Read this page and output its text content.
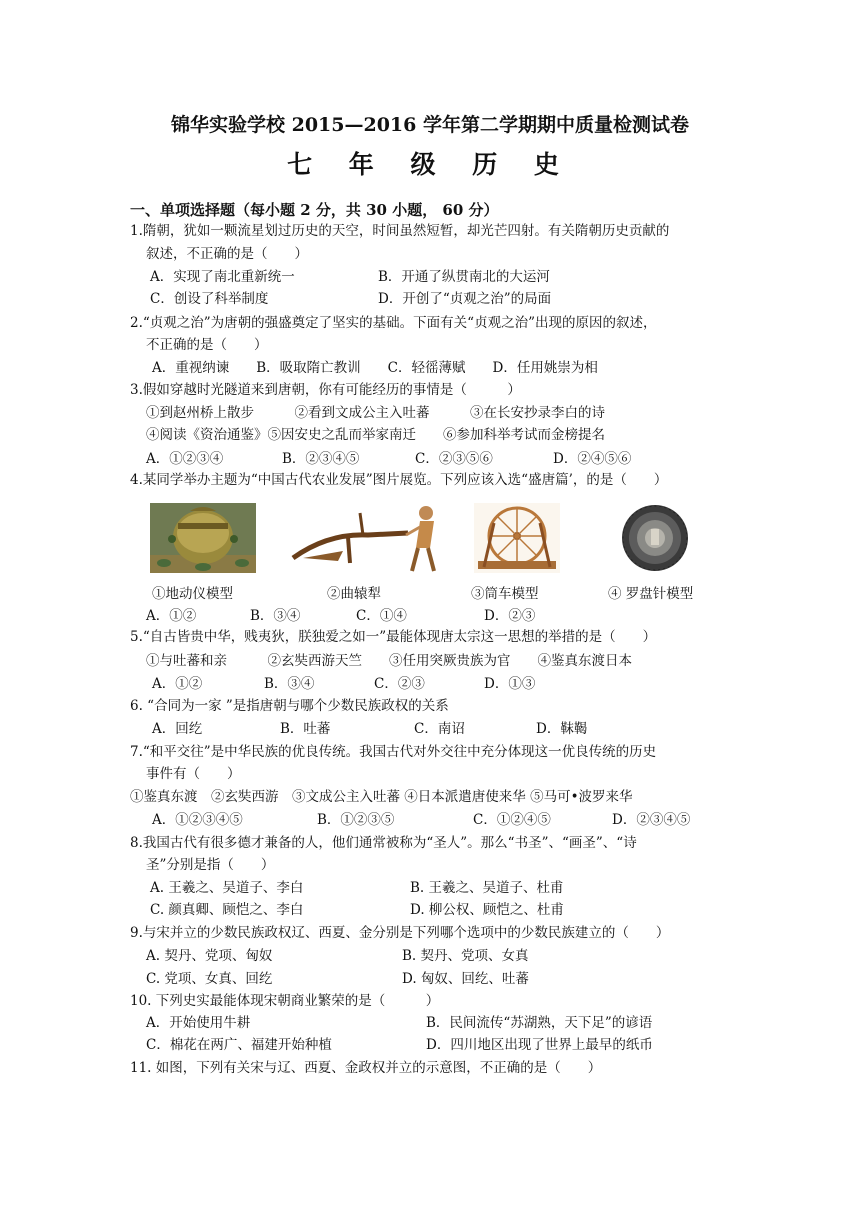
锦华实验学校 2015—2016 学年第二学期期中质量检测试卷
七 年 级 历 史
一、单项选择题（每小题 2 分，共 30 小题， 60 分）
1.隋朝，犹如一颗流星划过历史的天空，时间虽然短暂，却光芒四射。有关隋朝历史贡献的
叙述，不正确的是（　　）
A．实现了南北重新统一	B．开通了纵贯南北的大运河
C．创设了科举制度	D．开创了“贞观之治”的局面
2.“贞观之治”为唐朝的强盛奠定了坚实的基础。下面有关“贞观之治”出现的原因的叙述，
不正确的是（　　）
A．重视纳谏　　B．吸取隋亡教训　　C．轻徭薄赋　　D．任用姚崇为相
3.假如穿越时光隧道来到唐朝，你有可能经历的事情是（　　　）
①到赵州桥上散步　　　②看到文成公主入吐蕃　　　③在长安抄录李白的诗
④阅读《资治通鉴》⑤因安史之乱而举家南迁　　⑥参加科举考试而金榜提名
A．①②③④	B．②③④⑤	C．②③⑤⑥	D．②④⑤⑥
4.某同学举办主题为“中国古代农业发展”图片展览。下列应该入选“盛唐篇’，的是（　　）
①地动仪模型	②曲辕犁	③筒车模型	④ 罗盘针模型
A．①②	B．③④	C．①④	D．②③
5.“自古皆贵中华，贱夷狄，朕独爱之如一”最能体现唐太宗这一思想的举措的是（　　）
①与吐蕃和亲　　　②玄奘西游天竺　　③任用突厥贵族为官　　④鉴真东渡日本
A．①②	B．③④	C．②③	D．①③
6. “合同为一家 ”是指唐朝与哪个少数民族政权的关系
A．回纥	B．吐蕃	C．南诏	D．靺鞨
7.“和平交往”是中华民族的优良传统。我国古代对外交往中充分体现这一优良传统的历史
事件有（　　）
①鉴真东渡　②玄奘西游　③文成公主入吐蕃 ④日本派遣唐使来华 ⑤马可•波罗来华
A．①②③④⑤	B．①②③⑤	C．①②④⑤	D．②③④⑤
8.我国古代有很多德才兼备的人，他们通常被称为“圣人”。那么“书圣”、“画圣”、“诗
圣”分别是指（　　）
A. 王羲之、吴道子、李白	B. 王羲之、吴道子、杜甫
C. 颜真卿、顾恺之、李白	D. 柳公权、顾恺之、杜甫
9.与宋并立的少数民族政权辽、西夏、金分别是下列哪个选项中的少数民族建立的（　　）
A. 契丹、党项、匈奴	B. 契丹、党项、女真
C. 党项、女真、回纥	D. 匈奴、回纥、吐蕃
10. 下列史实最能体现宋朝商业繁荣的是（　　　）
A．开始使用牛耕	B．民间流传“苏湖熟，天下足”的谚语
C．棉花在两广、福建开始种植	D．四川地区出现了世界上最早的纸币
11. 如图，下列有关宋与辽、西夏、金政权并立的示意图，不正确的是（　　）
